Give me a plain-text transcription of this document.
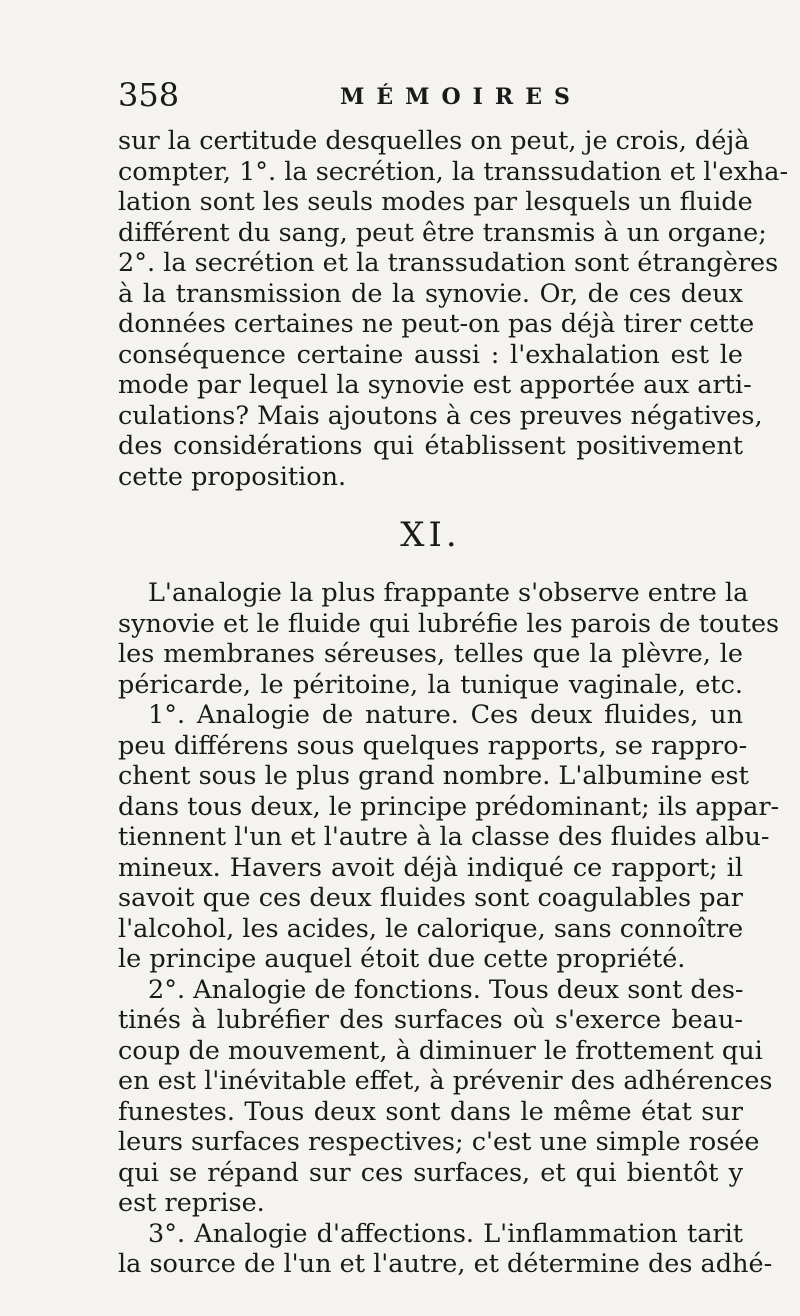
358	MÉMOIRES
sur la certitude desquelles on peut, je crois, déjà
compter, 1°. la secrétion, la transsudation et l'exha-
lation sont les seuls modes par lesquels un fluide
différent du sang, peut être transmis à un organe;
2°. la secrétion et la transsudation sont étrangères
à la transmission de la synovie. Or, de ces deux
données certaines ne peut-on pas déjà tirer cette
conséquence certaine aussi : l'exhalation est le
mode par lequel la synovie est apportée aux arti-
culations? Mais ajoutons à ces preuves négatives,
des considérations qui établissent positivement
cette proposition.
XI.
L'analogie la plus frappante s'observe entre la
synovie et le fluide qui lubréfie les parois de toutes
les membranes séreuses, telles que la plèvre, le
péricarde, le péritoine, la tunique vaginale, etc.
1°. Analogie de nature. Ces deux fluides, un
peu différens sous quelques rapports, se rappro-
chent sous le plus grand nombre. L'albumine est
dans tous deux, le principe prédominant; ils appar-
tiennent l'un et l'autre à la classe des fluides albu-
mineux. Havers avoit déjà indiqué ce rapport; il
savoit que ces deux fluides sont coagulables par
l'alcohol, les acides, le calorique, sans connoître
le principe auquel étoit due cette propriété.
2°. Analogie de fonctions. Tous deux sont des-
tinés à lubréfier des surfaces où s'exerce beau-
coup de mouvement, à diminuer le frottement qui
en est l'inévitable effet, à prévenir des adhérences
funestes. Tous deux sont dans le même état sur
leurs surfaces respectives; c'est une simple rosée
qui se répand sur ces surfaces, et qui bientôt y
est reprise.
3°. Analogie d'affections. L'inflammation tarit
la source de l'un et l'autre, et détermine des adhé-
